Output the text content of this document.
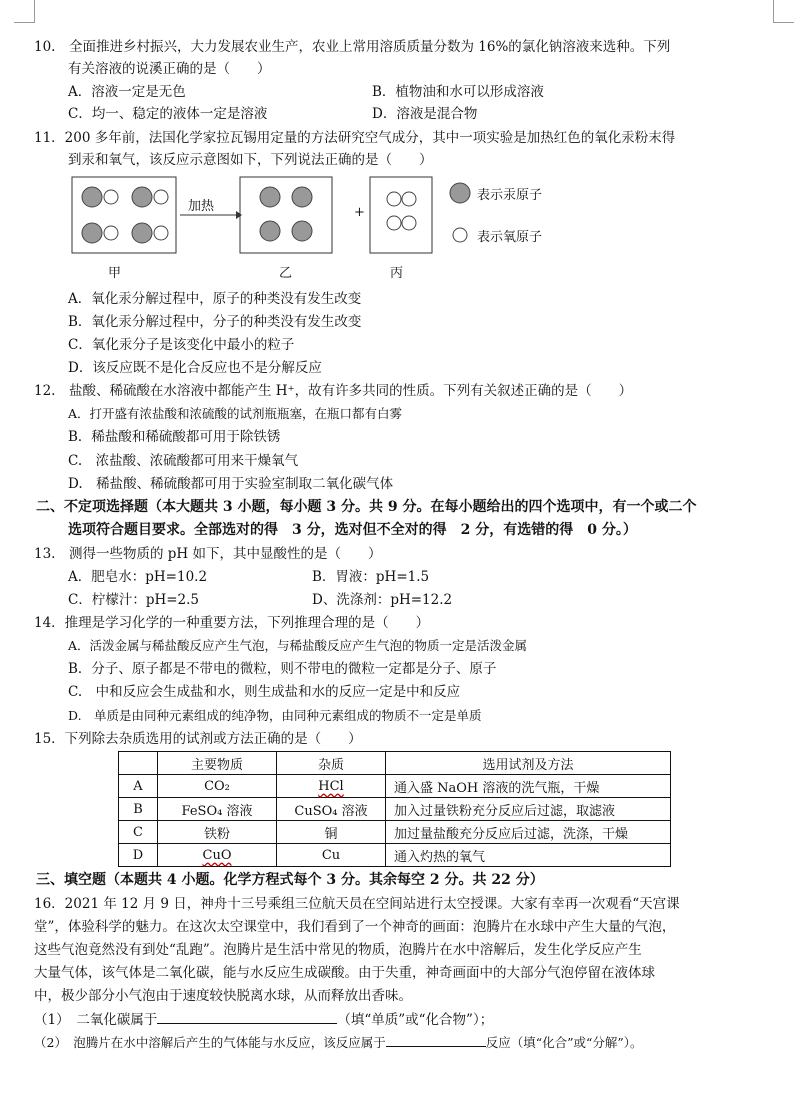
10.　全面推进乡村振兴，大力发展农业生产，农业上常用溶质质量分数为 16%的氯化钠溶液来选种。下列
有关溶液的说溪正确的是（　　）
A．溶液一定是无色	B．植物油和水可以形成溶液
C．均一、稳定的液体一定是溶液	D．溶液是混合物
11．200 多年前，法国化学家拉瓦锡用定量的方法研究空气成分，其中一项实验是加热红色的氧化汞粉末得
到汞和氧气，该反应示意图如下，下列说法正确的是（　　）
加热	+
表示汞原子
表示氧原子
甲	乙	丙
A．氧化汞分解过程中，原子的种类没有发生改变
B．氧化汞分解过程中，分子的种类没有发生改变
C．氧化汞分子是该变化中最小的粒子
D．该反应既不是化合反应也不是分解反应
12.　盐酸、稀硫酸在水溶液中都能产生 H⁺，故有许多共同的性质。下列有关叙述正确的是（　　）
A．打开盛有浓盐酸和浓硫酸的试剂瓶瓶塞，在瓶口都有白雾
B．稀盐酸和稀硫酸都可用于除铁锈
C.　浓盐酸、浓硫酸都可用来干燥氧气
D.　稀盐酸、稀硫酸都可用于实验室制取二氧化碳气体
二、不定项选择题（本大题共 3 小题，每小题 3 分。共 9 分。在每小题给出的四个选项中，有一个或二个
选项符合题目要求。全部选对的得　3 分，选对但不全对的得　2 分，有选错的得　0 分。）
13.　测得一些物质的 pH 如下，其中显酸性的是（　　）
A．肥皂水：pH=10.2	B．胃液：pH=1.5
C．柠檬汁：pH=2.5	D、洗涤剂：pH=12.2
14．推理是学习化学的一种重要方法，下列推理合理的是（　　）
A．活泼金属与稀盐酸反应产生气泡，与稀盐酸反应产生气泡的物质一定是活泼金属
B．分子、原子都是不带电的微粒，则不带电的微粒一定都是分子、原子
C.　中和反应会生成盐和水，则生成盐和水的反应一定是中和反应
D.　单质是由同种元素组成的纯净物，由同种元素组成的物质不一定是单质
15．下列除去杂质选用的试剂或方法正确的是（　　）
	主要物质	杂质	选用试剂及方法
A	CO₂	HCl	通入盛 NaOH 溶液的洗气瓶，干燥
B	FeSO₄ 溶液	CuSO₄ 溶液	加入过量铁粉充分反应后过滤，取滤液
C	铁粉	铜	加过量盐酸充分反应后过滤，洗涤，干燥
D	CuO	Cu	通入灼热的氧气
三、填空题（本题共 4 小题。化学方程式每个 3 分。其余每空 2 分。共 22 分）
16．2021 年 12 月 9 日，神舟十三号乘组三位航天员在空间站进行太空授课。大家有幸再一次观看“天宫课
堂”，体验科学的魅力。在这次太空课堂中，我们看到了一个神奇的画面：泡腾片在水球中产生大量的气泡，
这些气泡竟然没有到处“乱跑”。泡腾片是生活中常见的物质，泡腾片在水中溶解后，发生化学反应产生
大量气体，该气体是二氧化碳，能与水反应生成碳酸。由于失重，神奇画面中的大部分气泡停留在液体球
中，极少部分小气泡由于速度较快脱离水球，从而释放出香味。
（1）　二氧化碳属于	（填“单质”或“化合物”）；
（2）　泡腾片在水中溶解后产生的气体能与水反应，该反应属于	反应（填“化合”或“分解”）。
